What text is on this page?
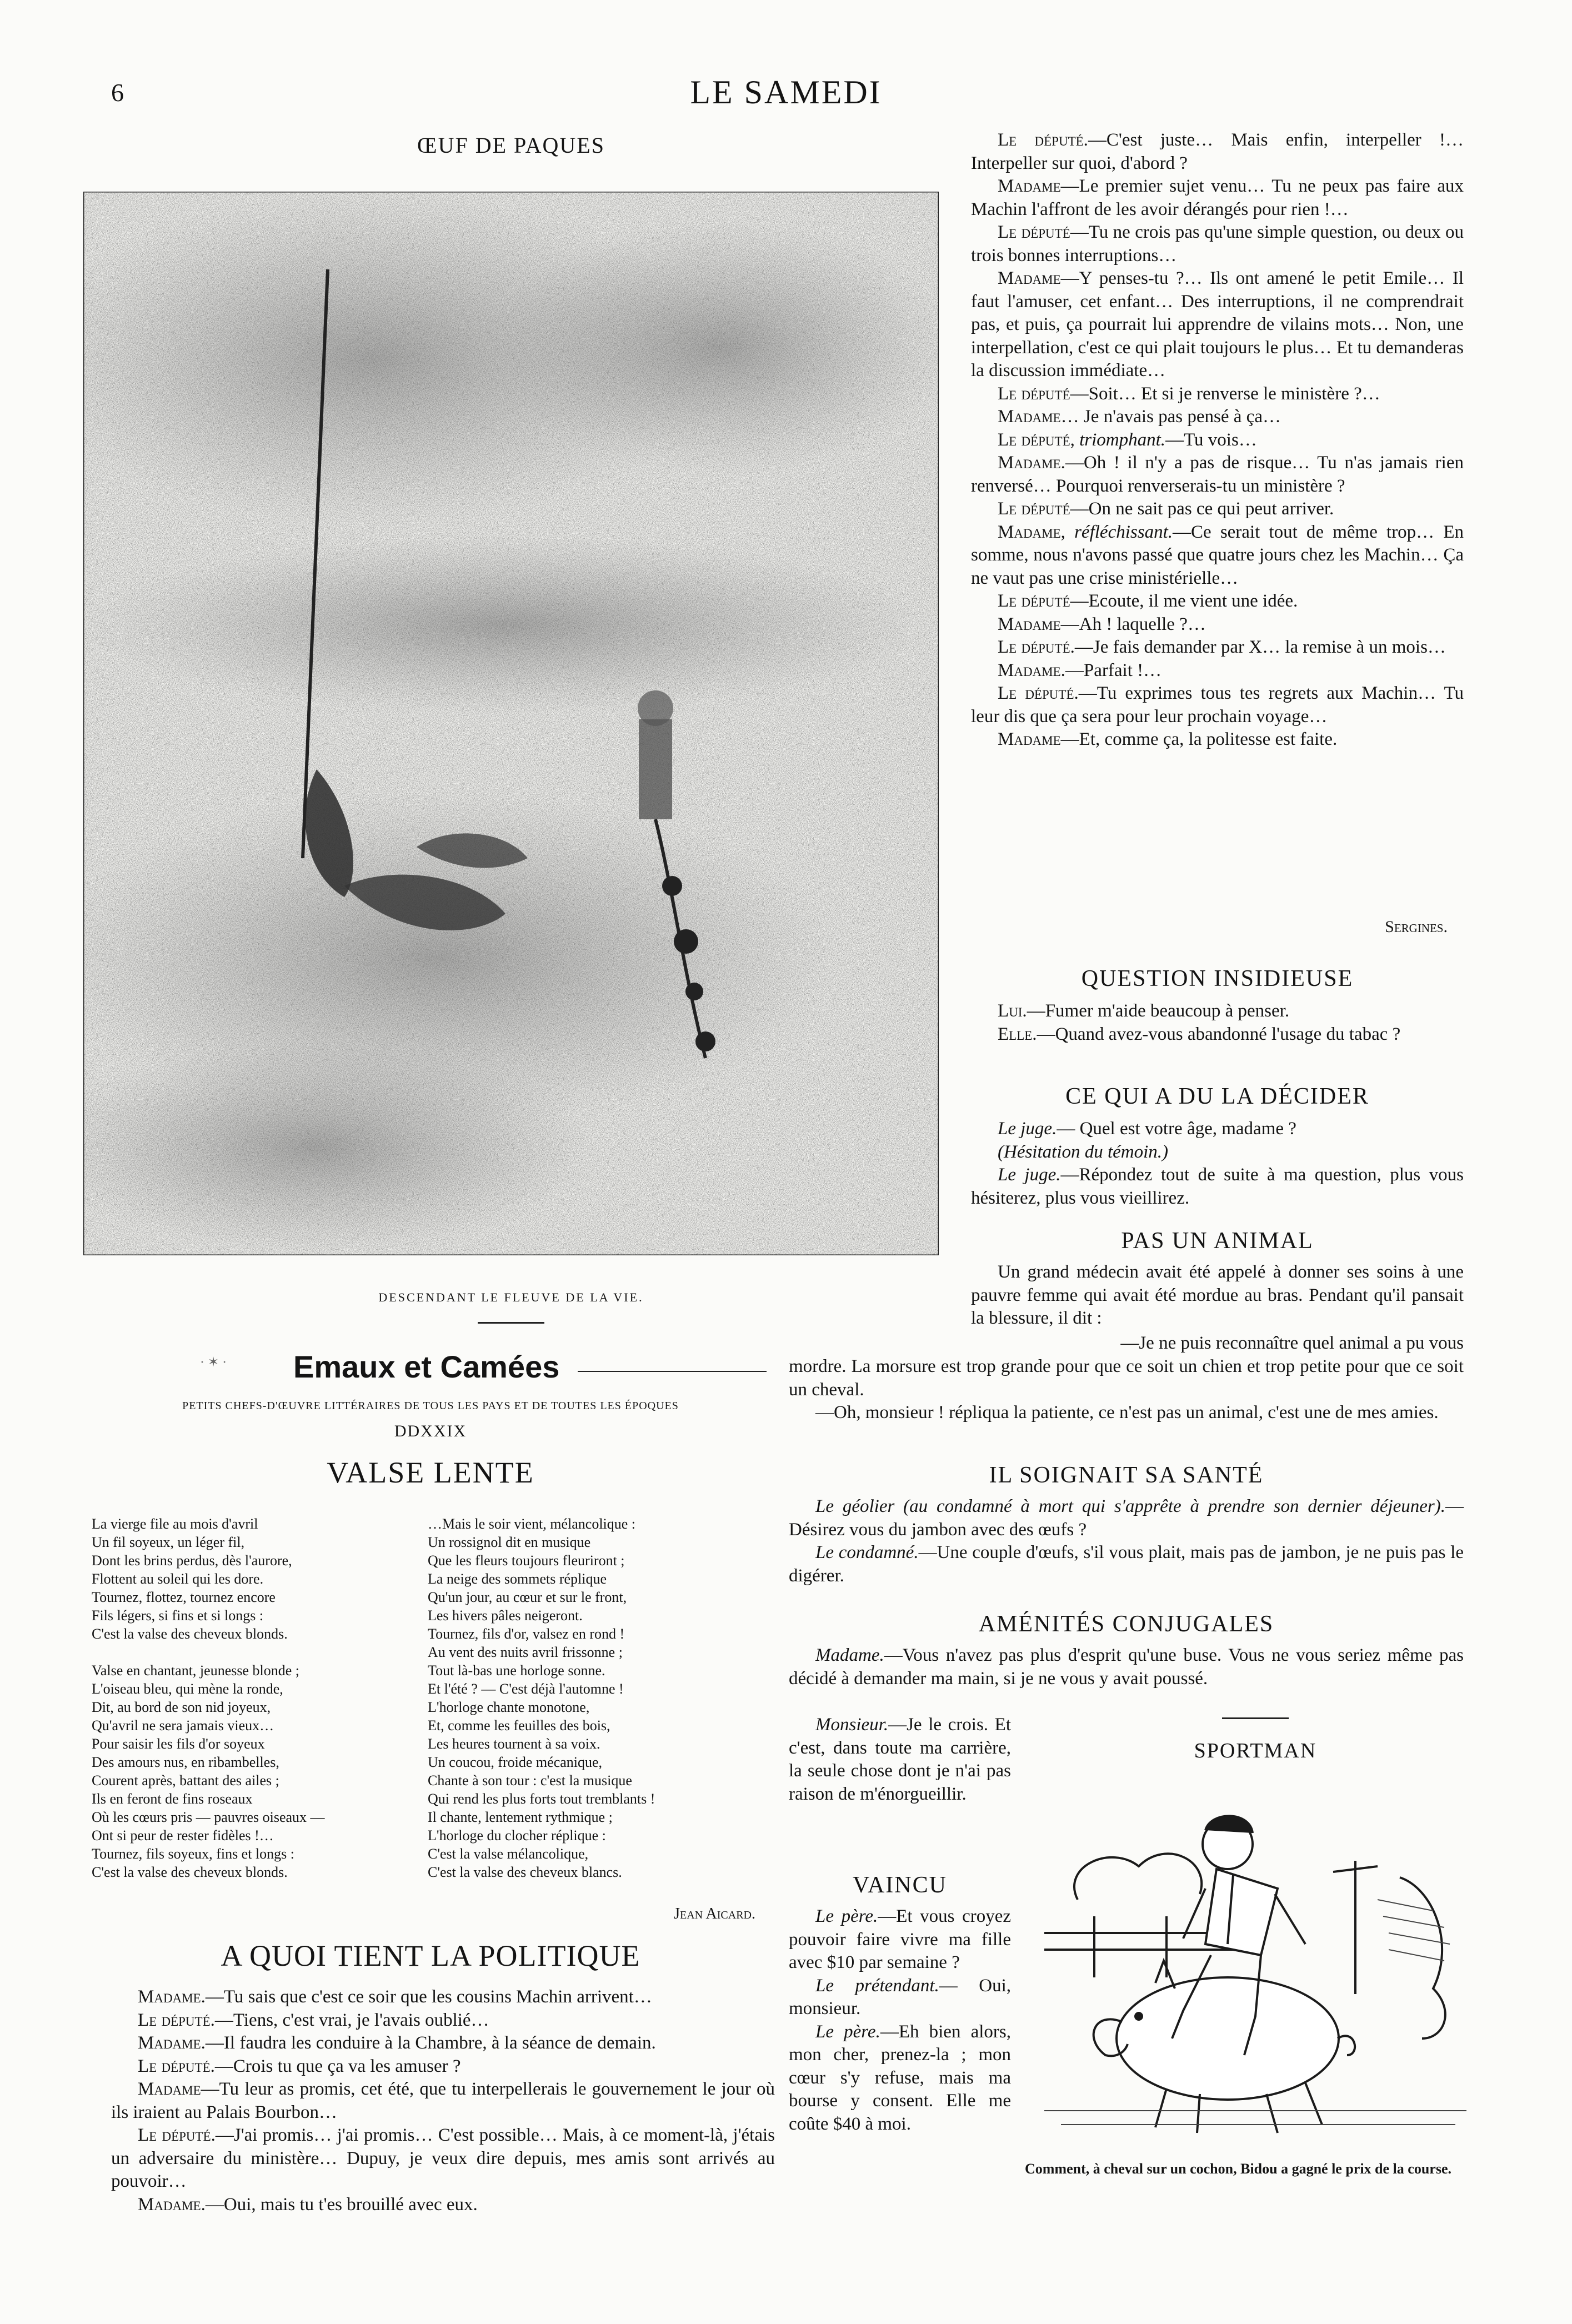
6	LE SAMEDI
ŒUF DE PAQUES
DESCENDANT LE FLEUVE DE LA VIE.
· ✶ · Emaux et Camées
PETITS CHEFS-D'ŒUVRE LITTÉRAIRES DE TOUS LES PAYS ET DE TOUTES LES ÉPOQUES
DDXXIX
VALSE LENTE
La vierge file au mois d'avril
Un fil soyeux, un léger fil,
Dont les brins perdus, dès l'aurore,
Flottent au soleil qui les dore.
Tournez, flottez, tournez encore
Fils légers, si fins et si longs :
C'est la valse des cheveux blonds.
Valse en chantant, jeunesse blonde ;
L'oiseau bleu, qui mène la ronde,
Dit, au bord de son nid joyeux,
Qu'avril ne sera jamais vieux…
Pour saisir les fils d'or soyeux
Des amours nus, en ribambelles,
Courent après, battant des ailes ;
Ils en feront de fins roseaux
Où les cœurs pris — pauvres oiseaux —
Ont si peur de rester fidèles !…
Tournez, fils soyeux, fins et longs :
C'est la valse des cheveux blonds.
…Mais le soir vient, mélancolique :
Un rossignol dit en musique
Que les fleurs toujours fleuriront ;
La neige des sommets réplique
Qu'un jour, au cœur et sur le front,
Les hivers pâles neigeront.
Tournez, fils d'or, valsez en rond !
Au vent des nuits avril frissonne ;
Tout là-bas une horloge sonne.
Et l'été ? — C'est déjà l'automne !
L'horloge chante monotone,
Et, comme les feuilles des bois,
Les heures tournent à sa voix.
Un coucou, froide mécanique,
Chante à son tour : c'est la musique
Qui rend les plus forts tout tremblants !
Il chante, lentement rythmique ;
L'horloge du clocher réplique :
C'est la valse mélancolique,
C'est la valse des cheveux blancs.
Jean Aicard.
A QUOI TIENT LA POLITIQUE

Madame.—Tu sais que c'est ce soir que les cousins Machin arrivent…

Le député.—Tiens, c'est vrai, je l'avais oublié…

Madame.—Il faudra les conduire à la Chambre, à la séance de demain.

Le député.—Crois tu que ça va les amuser ?

Madame—Tu leur as promis, cet été, que tu interpellerais le gouvernement le jour où ils iraient au Palais Bourbon…

Le député.—J'ai promis… j'ai promis… C'est possible… Mais, à ce moment-là, j'étais un adversaire du ministère… Dupuy, je veux dire depuis, mes amis sont arrivés au pouvoir…

Madame.—Oui, mais tu t'es brouillé avec eux.

Le député.—C'est juste… Mais enfin, interpeller !… Interpeller sur quoi, d'abord ?

Madame—Le premier sujet venu… Tu ne peux pas faire aux Machin l'affront de les avoir dérangés pour rien !…

Le député—Tu ne crois pas qu'une simple question, ou deux ou trois bonnes interruptions…

Madame—Y penses-tu ?… Ils ont amené le petit Emile… Il faut l'amuser, cet enfant… Des interruptions, il ne comprendrait pas, et puis, ça pourrait lui apprendre de vilains mots… Non, une interpellation, c'est ce qui plait toujours le plus… Et tu demanderas la discussion immédiate…

Le député—Soit… Et si je renverse le ministère ?…

Madame… Je n'avais pas pensé à ça…

Le député, triomphant.—Tu vois…

Madame.—Oh ! il n'y a pas de risque… Tu n'as jamais rien renversé… Pourquoi renverserais-tu un ministère ?

Le député—On ne sait pas ce qui peut arriver.

Madame, réfléchissant.—Ce serait tout de même trop… En somme, nous n'avons passé que quatre jours chez les Machin… Ça ne vaut pas une crise ministérielle…

Le député—Ecoute, il me vient une idée.

Madame—Ah ! laquelle ?…

Le député.—Je fais demander par X… la remise à un mois…

Madame.—Parfait !…

Le député.—Tu exprimes tous tes regrets aux Machin… Tu leur dis que ça sera pour leur prochain voyage…

Madame—Et, comme ça, la politesse est faite.

Sergines.
QUESTION INSIDIEUSE

Lui.—Fumer m'aide beaucoup à penser.

Elle.—Quand avez-vous abandonné l'usage du tabac ?

CE QUI A DU LA DÉCIDER

Le juge.— Quel est votre âge, madame ?

(Hésitation du témoin.)

Le juge.—Répondez tout de suite à ma question, plus vous hésiterez, plus vous vieillirez.

PAS UN ANIMAL

Un grand médecin avait été appelé à donner ses soins à une pauvre femme qui avait été mordue au bras. Pendant qu'il pansait la blessure, il dit :

—Je ne puis reconnaître quel animal a pu vous

mordre. La morsure est trop grande pour que ce soit un chien et trop petite pour que ce soit un cheval.

—Oh, monsieur ! répliqua la patiente, ce n'est pas un animal, c'est une de mes amies.

IL SOIGNAIT SA SANTÉ

Le géolier (au condamné à mort qui s'apprête à prendre son dernier déjeuner).—Désirez vous du jambon avec des œufs ?

Le condamné.—Une couple d'œufs, s'il vous plait, mais pas de jambon, je ne puis pas le digérer.

AMÉNITÉS CONJUGALES

Madame.—Vous n'avez pas plus d'esprit qu'une buse. Vous ne vous seriez même pas décidé à demander ma main, si je ne vous y avait poussé.

Monsieur.—Je le crois. Et c'est, dans toute ma carrière, la seule chose dont je n'ai pas raison de m'énorgueillir.

VAINCU

Le père.—Et vous croyez pouvoir faire vivre ma fille avec $10 par semaine ?

Le prétendant.— Oui, monsieur.

Le père.—Eh bien alors, mon cher, prenez-la ; mon cœur s'y refuse, mais ma bourse y consent. Elle me coûte $40 à moi.

SPORTMAN
Comment, à cheval sur un cochon, Bidou a gagné le prix de la course.
